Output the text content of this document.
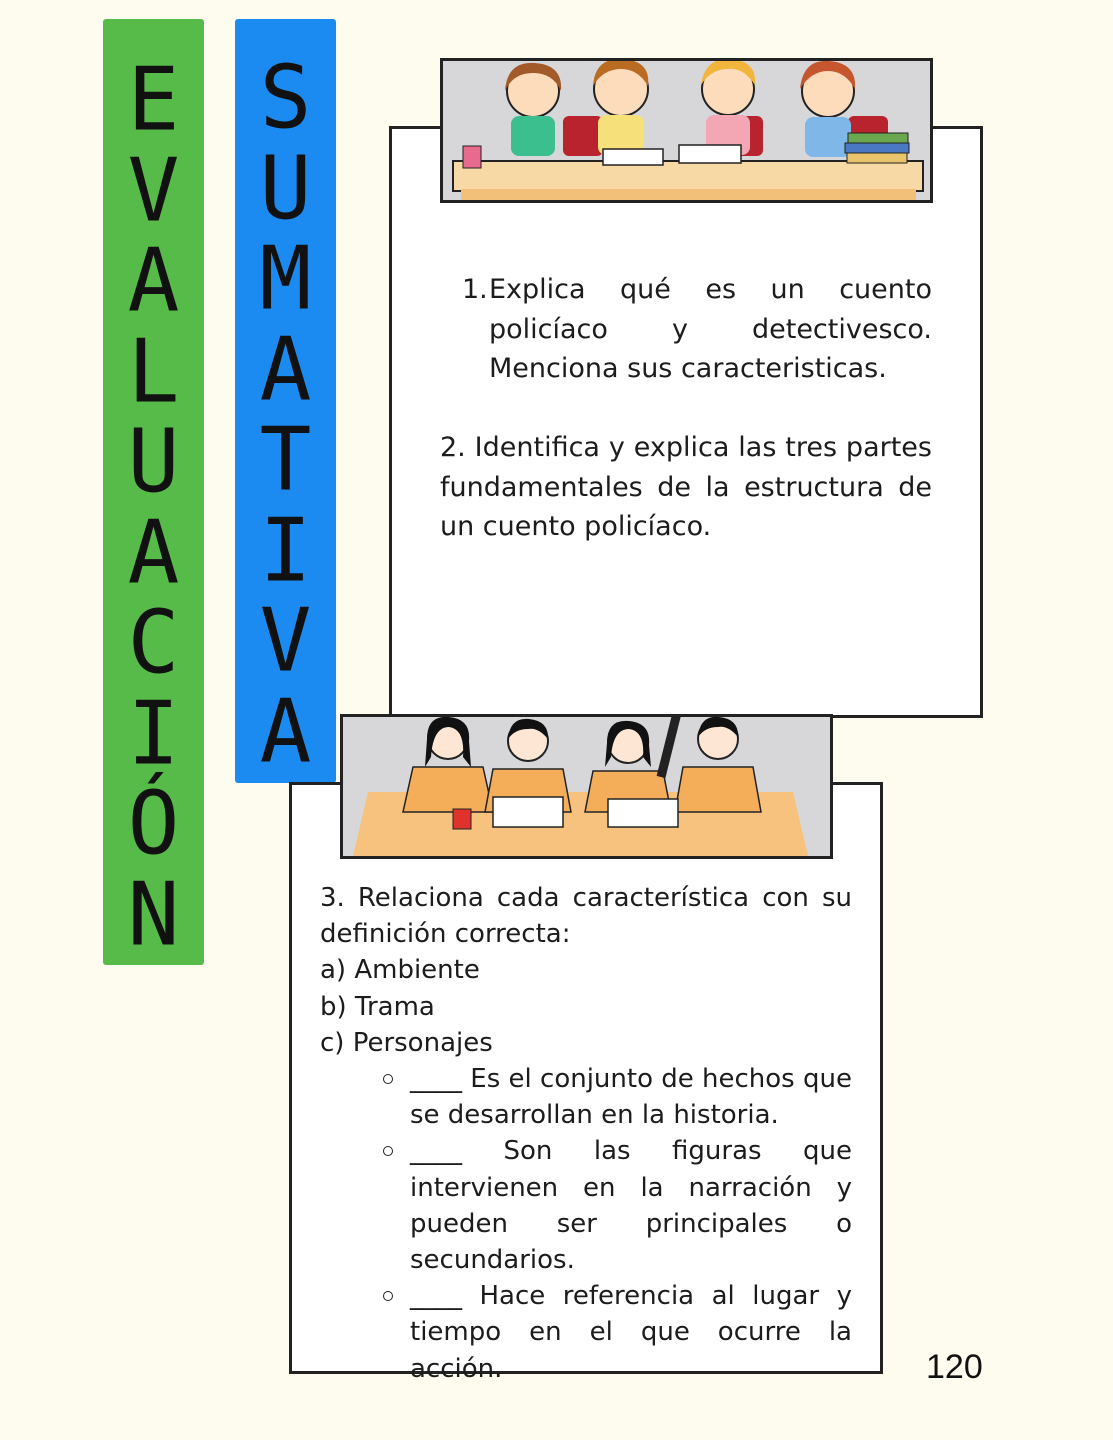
E
V
A
L
U
A
C
I
Ó
N
S
U
M
A
T
I
V
A
1. Explica qué es un cuento policíaco y detectivesco. Menciona sus caracteristicas.
2. Identifica y explica las tres partes fundamentales de la estructura de un cuento policíaco.
3. Relaciona cada característica con su definición correcta:
a) Ambiente
b) Trama
c) Personajes
____ Es el conjunto de hechos que se desarrollan en la historia.
____ Son las figuras que intervienen en la narración y pueden ser principales o secundarios.
____ Hace referencia al lugar y tiempo en el que ocurre la acción.	120
